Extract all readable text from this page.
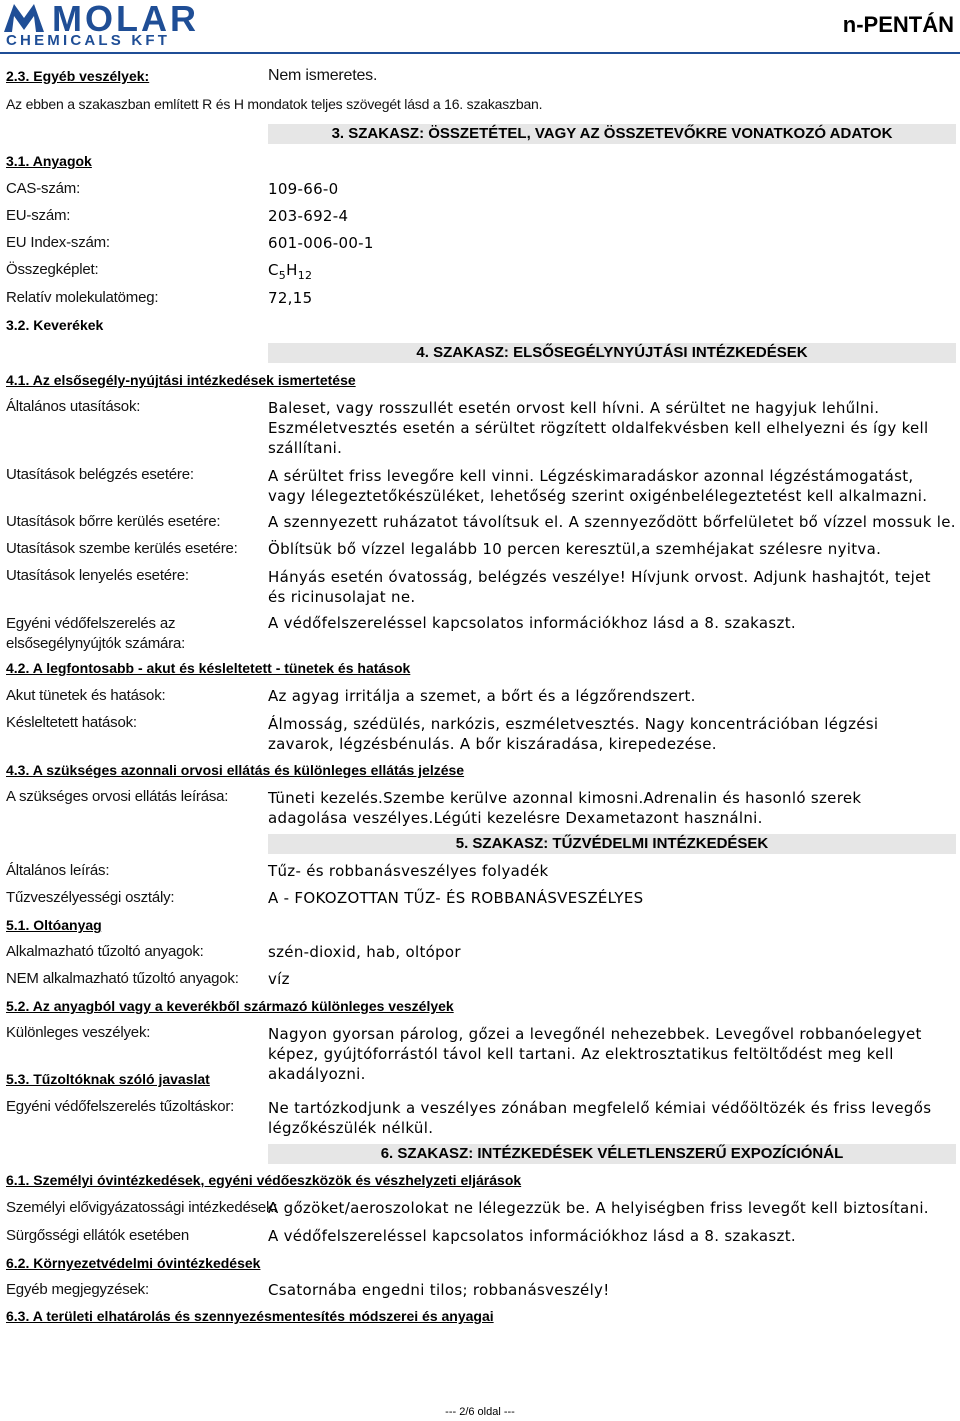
MOLAR
CHEMICALS KFT
n-PENTÁN
2.3. Egyéb veszélyek:	Nem ismeretes.
Az ebben a szakaszban említett R és H mondatok teljes szövegét lásd a 16. szakaszban.
3. SZAKASZ: ÖSSZETÉTEL, VAGY AZ ÖSSZETEVŐKRE VONATKOZÓ ADATOK
3.1. Anyagok
CAS-szám:	109-66-0
EU-szám:	203-692-4
EU Index-szám:	601-006-00-1
Összegképlet:	$C_5H_{12}$
Relatív molekulatömeg:	72,15
3.2. Keverékek
4. SZAKASZ: ELSŐSEGÉLYNYÚJTÁSI INTÉZKEDÉSEK
4.1. Az elsősegély-nyújtási intézkedések ismertetése
Általános utasítások:	Baleset, vagy rosszullét esetén orvost kell hívni. A sérültet ne hagyjuk lehűlni. Eszméletvesztés esetén a sérültet rögzített oldalfekvésben kell elhelyezni és így kell szállítani.
Utasítások belégzés esetére:	A sérültet friss levegőre kell vinni. Légzéskimaradáskor azonnal légzéstámogatást, vagy lélegeztetőkészüléket, lehetőség szerint oxigénbelélegeztetést kell alkalmazni.
Utasítások bőrre kerülés esetére:	A szennyezett ruházatot távolítsuk el. A szennyeződött bőrfelületet bő vízzel mossuk le.
Utasítások szembe kerülés esetére: Öblítsük bő vízzel legalább 10 percen keresztül,a szemhéjakat szélesre nyitva.
Utasítások lenyelés esetére:	Hányás esetén óvatosság, belégzés veszélye! Hívjunk orvost. Adjunk hashajtót, tejet és ricinusolajat ne.
Egyéni védőfelszerelés az elsősegélynyújtók számára:
A védőfelszereléssel kapcsolatos információkhoz lásd a 8. szakaszt.
4.2. A legfontosabb - akut és késleltetett - tünetek és hatások
Akut tünetek és hatások:	Az agyag irritálja a szemet, a bőrt és a légzőrendszert.
Késleltetett hatások:	Álmosság, szédülés, narkózis, eszméletvesztés. Nagy koncentrációban légzési zavarok, légzésbénulás. A bőr kiszáradása, kirepedezése.
4.3. A szükséges azonnali orvosi ellátás és különleges ellátás jelzése
A szükséges orvosi ellátás leírása:	Tüneti kezelés.Szembe kerülve azonnal kimosni.Adrenalin és hasonló szerek adagolása veszélyes.Légúti kezelésre Dexametazont használni.
5. SZAKASZ: TŰZVÉDELMI INTÉZKEDÉSEK
Általános leírás:	Tűz- és robbanásveszélyes folyadék
Tűzveszélyességi osztály:	A - FOKOZOTTAN TŰZ- ÉS ROBBANÁSVESZÉLYES
5.1. Oltóanyag
Alkalmazható tűzoltó anyagok:	szén-dioxid, hab, oltópor
NEM alkalmazható tűzoltó anyagok: víz
5.2. Az anyagból vagy a keverékből származó különleges veszélyek
Különleges veszélyek:	Nagyon gyorsan párolog, gőzei a levegőnél nehezebbek. Levegővel robbanóelegyet képez, gyújtóforrástól távol kell tartani. Az elektrosztatikus feltöltődést meg kell akadályozni.
5.3. Tűzoltóknak szóló javaslat
Egyéni védőfelszerelés tűzoltáskor: Ne tartózkodjunk a veszélyes zónában megfelelő kémiai védőöltözék és friss levegős légzőkészülék nélkül.
6. SZAKASZ: INTÉZKEDÉSEK VÉLETLENSZERŰ EXPOZÍCIÓNÁL
6.1. Személyi óvintézkedések, egyéni védőeszközök és vészhelyzeti eljárások
Személyi elővigyázatossági intézkedések:
A gőzöket/aeroszolokat ne lélegezzük be. A helyiségben friss levegőt kell biztosítani.
Sürgősségi ellátók esetében	A védőfelszereléssel kapcsolatos információkhoz lásd a 8. szakaszt.
6.2. Környezetvédelmi óvintézkedések
Egyéb megjegyzések:	Csatornába engedni tilos; robbanásveszély!
6.3. A területi elhatárolás és szennyezésmentesítés módszerei és anyagai
--- 2/6 oldal ---
